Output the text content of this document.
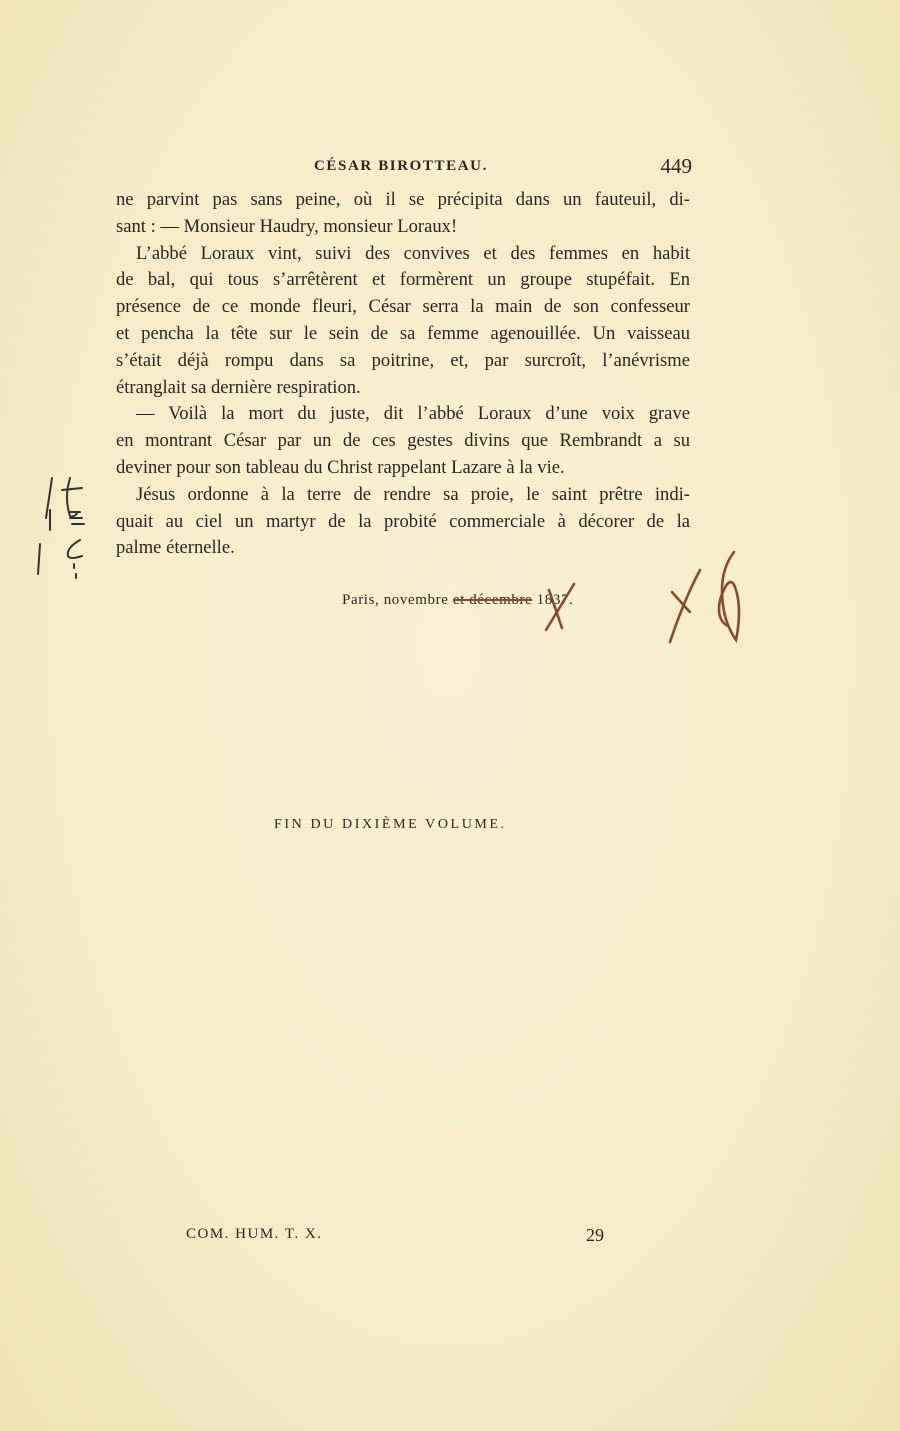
CÉSAR BIROTTEAU.	449

ne parvint pas sans peine, où il se précipita dans un fauteuil, di-
sant : — Monsieur Haudry, monsieur Loraux!

L’abbé Loraux vint, suivi des convives et des femmes en habit
de bal, qui tous s’arrêtèrent et formèrent un groupe stupéfait. En
présence de ce monde fleuri, César serra la main de son confesseur
et pencha la tête sur le sein de sa femme agenouillée. Un vaisseau
s’était déjà rompu dans sa poitrine, et, par surcroît, l’anévrisme
étranglait sa dernière respiration.

— Voilà la mort du juste, dit l’abbé Loraux d’une voix grave
en montrant César par un de ces gestes divins que Rembrandt a su
deviner pour son tableau du Christ rappelant Lazare à la vie.

Jésus ordonne à la terre de rendre sa proie, le saint prêtre indi-
quait au ciel un martyr de la probité commerciale à décorer de la
palme éternelle.

Paris, novembre et décembre 1837.
FIN DU DIXIÈME VOLUME.
COM. HUM. T. X.	29
